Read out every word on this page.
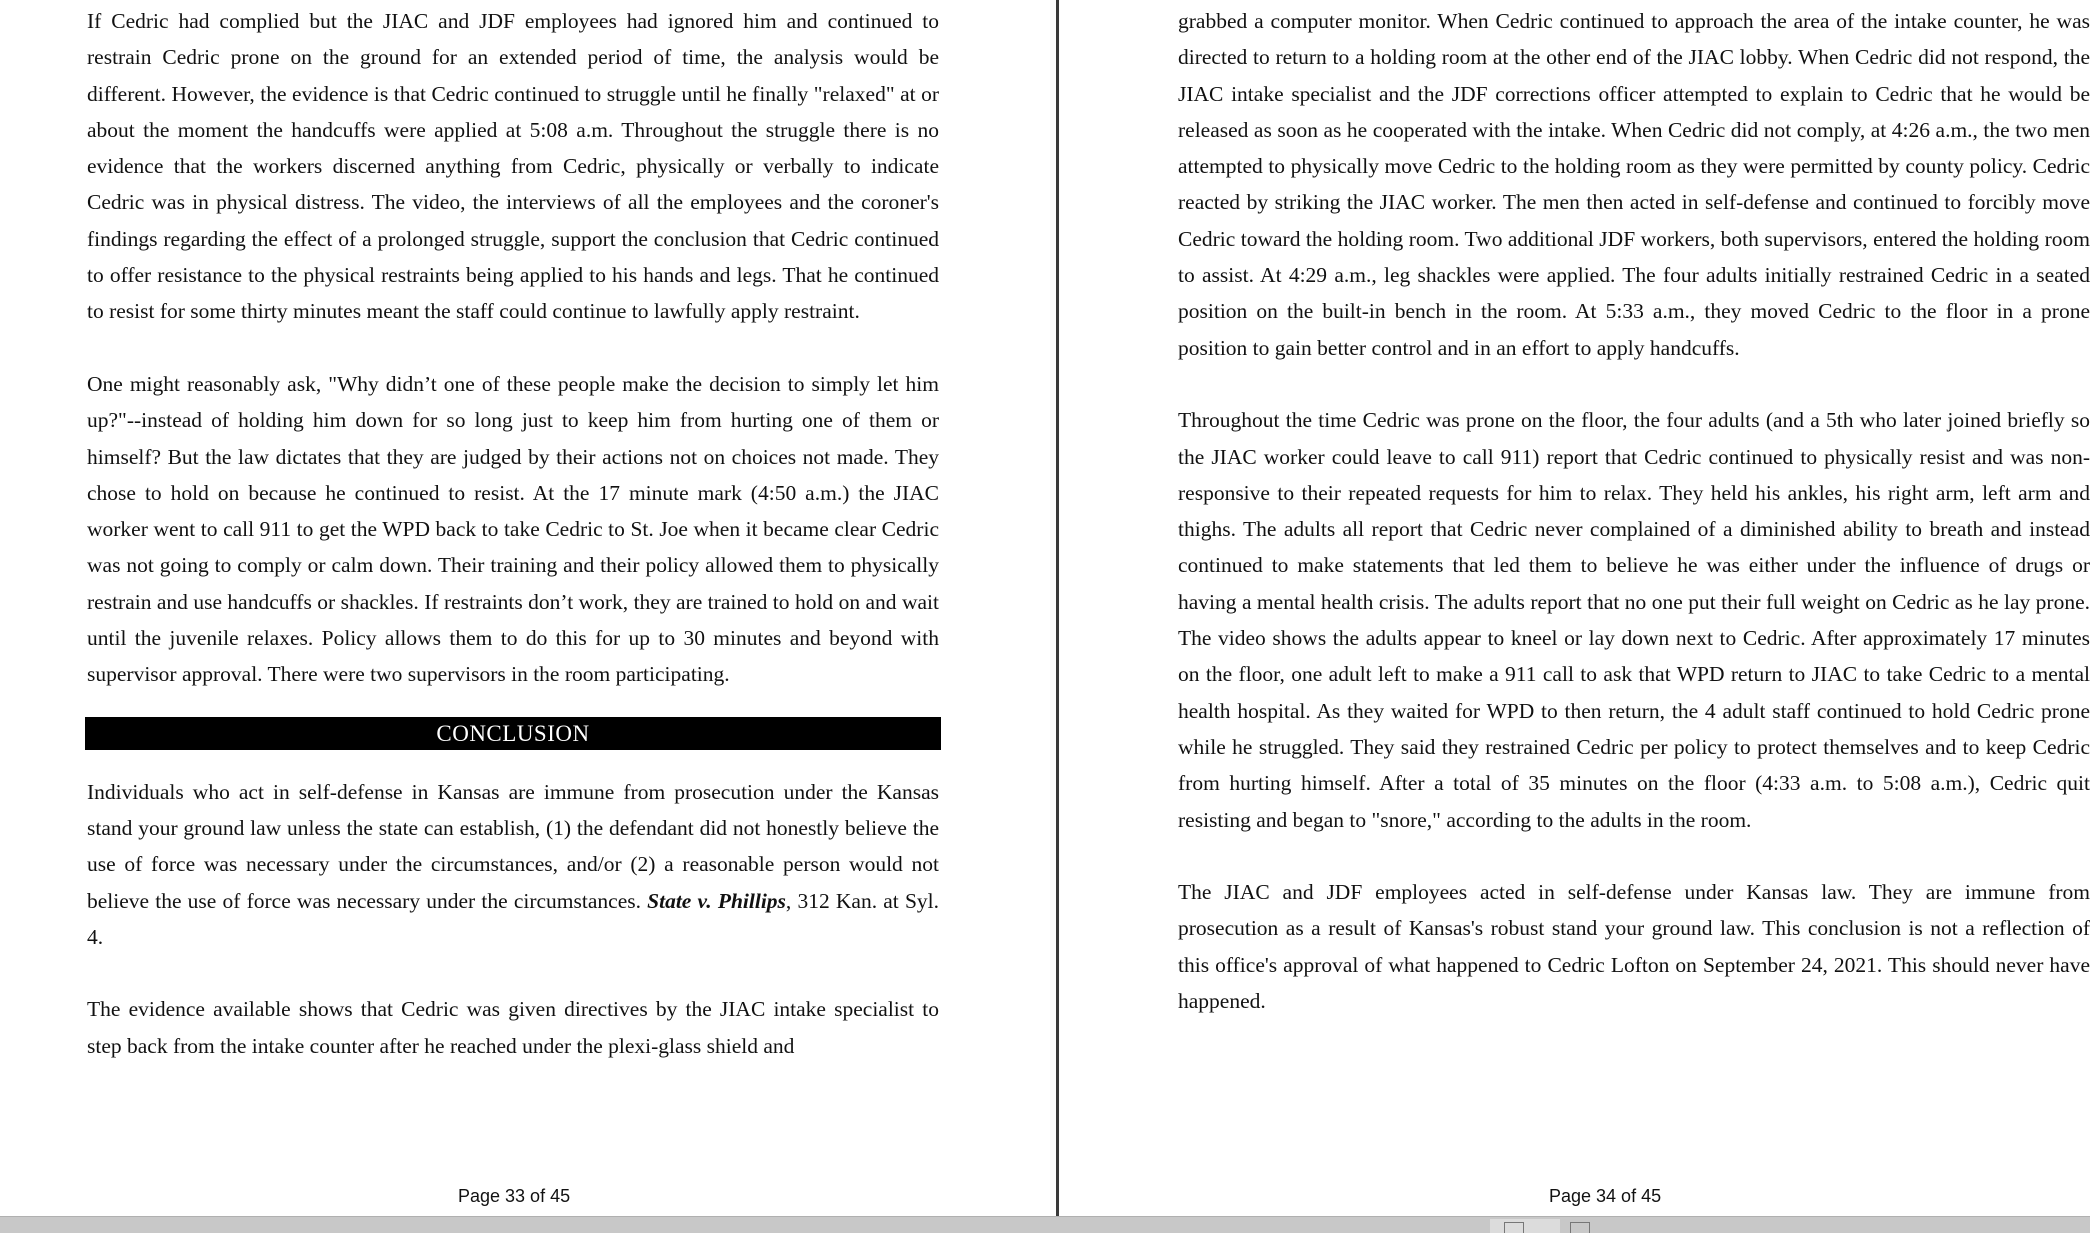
If Cedric had complied but the JIAC and JDF employees had ignored him and continued to restrain Cedric prone on the ground for an extended period of time, the analysis would be different. However, the evidence is that Cedric continued to struggle until he finally "relaxed" at or about the moment the handcuffs were applied at 5:08 a.m. Throughout the struggle there is no evidence that the workers discerned anything from Cedric, physically or verbally to indicate Cedric was in physical distress. The video, the interviews of all the employees and the coroner's findings regarding the effect of a prolonged struggle, support the conclusion that Cedric continued to offer resistance to the physical restraints being applied to his hands and legs. That he continued to resist for some thirty minutes meant the staff could continue to lawfully apply restraint.

One might reasonably ask, "Why didn’t one of these people make the decision to simply let him up?"--instead of holding him down for so long just to keep him from hurting one of them or himself? But the law dictates that they are judged by their actions not on choices not made. They chose to hold on because he continued to resist. At the 17 minute mark (4:50 a.m.) the JIAC worker went to call 911 to get the WPD back to take Cedric to St. Joe when it became clear Cedric was not going to comply or calm down. Their training and their policy allowed them to physically restrain and use handcuffs or shackles. If restraints don’t work, they are trained to hold on and wait until the juvenile relaxes. Policy allows them to do this for up to 30 minutes and beyond with supervisor approval. There were two supervisors in the room participating.

CONCLUSION

Individuals who act in self-defense in Kansas are immune from prosecution under the Kansas stand your ground law unless the state can establish, (1) the defendant did not honestly believe the use of force was necessary under the circumstances, and/or (2) a reasonable person would not believe the use of force was necessary under the circumstances. State v. Phillips, 312 Kan. at Syl. 4.

The evidence available shows that Cedric was given directives by the JIAC intake specialist to step back from the intake counter after he reached under the plexi-glass shield and

Page 33 of 45

grabbed a computer monitor. When Cedric continued to approach the area of the intake counter, he was directed to return to a holding room at the other end of the JIAC lobby. When Cedric did not respond, the JIAC intake specialist and the JDF corrections officer attempted to explain to Cedric that he would be released as soon as he cooperated with the intake. When Cedric did not comply, at 4:26 a.m., the two men attempted to physically move Cedric to the holding room as they were permitted by county policy. Cedric reacted by striking the JIAC worker. The men then acted in self-defense and continued to forcibly move Cedric toward the holding room. Two additional JDF workers, both supervisors, entered the holding room to assist. At 4:29 a.m., leg shackles were applied. The four adults initially restrained Cedric in a seated position on the built-in bench in the room. At 5:33 a.m., they moved Cedric to the floor in a prone position to gain better control and in an effort to apply handcuffs.

Throughout the time Cedric was prone on the floor, the four adults (and a 5th who later joined briefly so the JIAC worker could leave to call 911) report that Cedric continued to physically resist and was non-responsive to their repeated requests for him to relax. They held his ankles, his right arm, left arm and thighs. The adults all report that Cedric never complained of a diminished ability to breath and instead continued to make statements that led them to believe he was either under the influence of drugs or having a mental health crisis. The adults report that no one put their full weight on Cedric as he lay prone. The video shows the adults appear to kneel or lay down next to Cedric. After approximately 17 minutes on the floor, one adult left to make a 911 call to ask that WPD return to JIAC to take Cedric to a mental health hospital. As they waited for WPD to then return, the 4 adult staff continued to hold Cedric prone while he struggled. They said they restrained Cedric per policy to protect themselves and to keep Cedric from hurting himself. After a total of 35 minutes on the floor (4:33 a.m. to 5:08 a.m.), Cedric quit resisting and began to "snore," according to the adults in the room.

The JIAC and JDF employees acted in self-defense under Kansas law. They are immune from prosecution as a result of Kansas's robust stand your ground law. This conclusion is not a reflection of this office's approval of what happened to Cedric Lofton on September 24, 2021. This should never have happened.

Page 34 of 45
